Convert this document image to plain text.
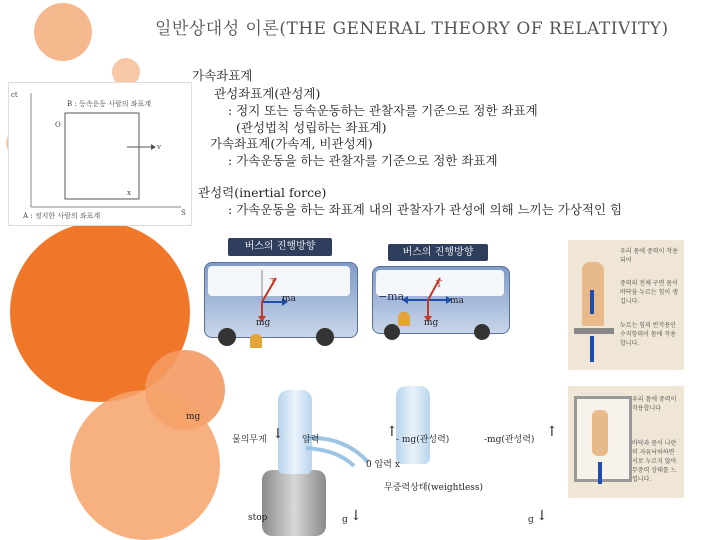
일반상대성 이론(THE GENERAL THEORY OF RELATIVITY)
ct
B : 등속운동 사람의 좌표계
O
v
x
S
A : 정지한 사람의 좌표계
가속좌표계
관성좌표계(관성계)
: 정지 또는 등속운동하는 관찰자를 기준으로 정한 좌표계
(관성법칙 성립하는 좌표계)
가속좌표계(가속계, 비관성계)
: 가속운동을 하는 관찰자를 기준으로 정한 좌표계
관성력(inertial force)
: 가속운동을 하는 좌표계 내의 관찰자가 관성에 의해 느끼는 가상적인 힘
버스의 진행방향
T
ma
mg
버스의 진행방향
−ma
T
ma
mg
우리 몸에 중력이 작용되어
중력의 전체 구면 몸이 바닥을 누르는 힘이 생깁니다.
누르는 힘의 반작용인 수직항력이 몸에 작용합니다.
우리 몸에 중력이 작용합니다
바닥과 몸이 나란히 자유낙하하면 서로 누르지 않아 무중력 상태를 느낍니다.
mg
물의무게 ↓ 압력	↑
- mg(관성력)	-mg(관성력) ↑
0 압력 x
무중력상태(weightless)
stop	g ↓	g ↓
